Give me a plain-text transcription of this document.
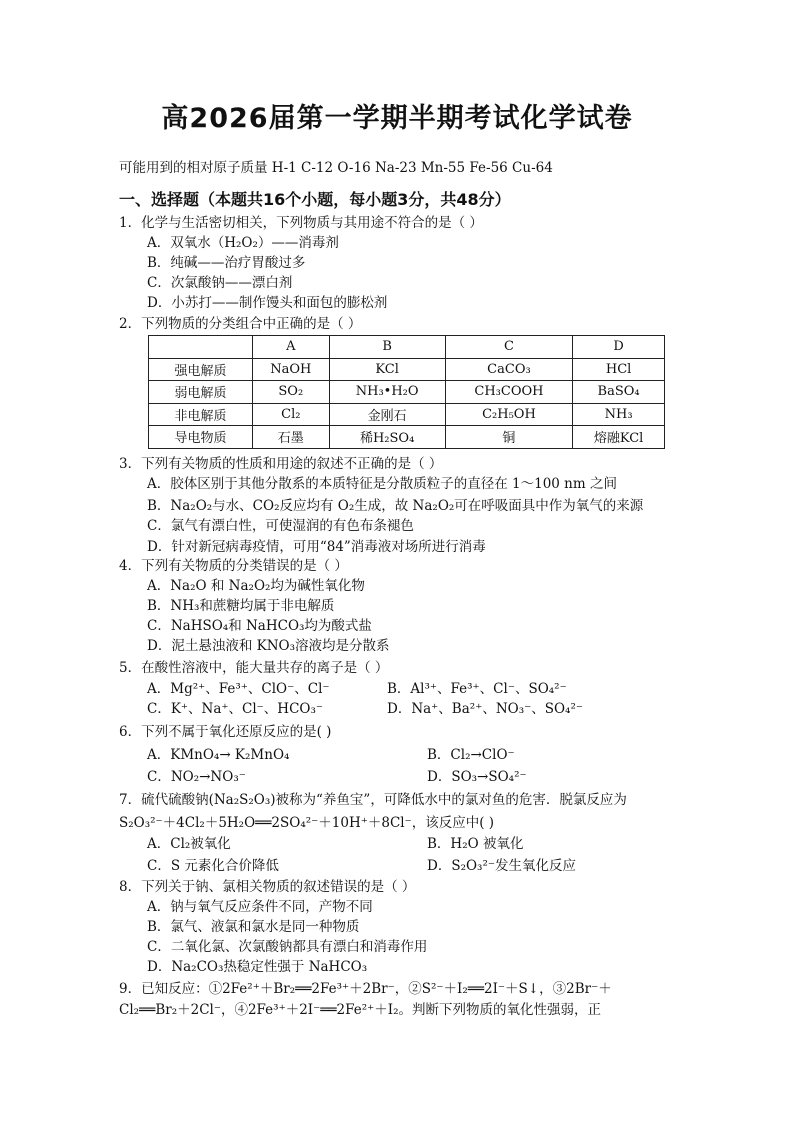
高2026届第一学期半期考试化学试卷
可能用到的相对原子质量 H-1 C-12 O-16 Na-23 Mn-55 Fe-56 Cu-64
一、选择题（本题共16个小题，每小题3分，共48分）
1．化学与生活密切相关，下列物质与其用途不符合的是（ ）
A．双氧水（H₂O₂）——消毒剂
B．纯碱——治疗胃酸过多
C．次氯酸钠——漂白剂
D．小苏打——制作馒头和面包的膨松剂
2．下列物质的分类组合中正确的是（ ）
	A	B	C	D
强电解质	NaOH	KCl	CaCO₃	HCl
弱电解质	SO₂	NH₃•H₂O	CH₃COOH	BaSO₄
非电解质	Cl₂	金刚石	C₂H₅OH	NH₃
导电物质	石墨	稀H₂SO₄	铜	熔融KCl
3．下列有关物质的性质和用途的叙述不正确的是（ ）
A．胶体区别于其他分散系的本质特征是分散质粒子的直径在 1～100 nm 之间
B．Na₂O₂与水、CO₂反应均有 O₂生成，故 Na₂O₂可在呼吸面具中作为氧气的来源
C．氯气有漂白性，可使湿润的有色布条褪色
D．针对新冠病毒疫情，可用“84”消毒液对场所进行消毒
4．下列有关物质的分类错误的是（ ）
A．Na₂O 和 Na₂O₂均为碱性氧化物
B．NH₃和蔗糖均属于非电解质
C．NaHSO₄和 NaHCO₃均为酸式盐
D．泥土悬浊液和 KNO₃溶液均是分散系
5．在酸性溶液中，能大量共存的离子是（ ）
A．Mg²⁺、Fe³⁺、ClO⁻、Cl⁻	B．Al³⁺、Fe³⁺、Cl⁻、SO₄²⁻
C．K⁺、Na⁺、Cl⁻、HCO₃⁻	D．Na⁺、Ba²⁺、NO₃⁻、SO₄²⁻
6．下列不属于氧化还原反应的是( )
A．KMnO₄→ K₂MnO₄	B．Cl₂→ClO⁻
C．NO₂→NO₃⁻	D．SO₃→SO₄²⁻
7．硫代硫酸钠(Na₂S₂O₃)被称为“养鱼宝”，可降低水中的氯对鱼的危害．脱氯反应为
S₂O₃²⁻＋4Cl₂＋5H₂O══2SO₄²⁻＋10H⁺＋8Cl⁻，该反应中( )
A．Cl₂被氧化	B．H₂O 被氧化
C．S 元素化合价降低	D．S₂O₃²⁻发生氧化反应
8．下列关于钠、氯相关物质的叙述错误的是（ ）
A．钠与氧气反应条件不同，产物不同
B．氯气、液氯和氯水是同一种物质
C．二氧化氯、次氯酸钠都具有漂白和消毒作用
D．Na₂CO₃热稳定性强于 NaHCO₃
9．已知反应：①2Fe²⁺＋Br₂══2Fe³⁺＋2Br⁻，②S²⁻＋I₂══2I⁻＋S↓，③2Br⁻＋
Cl₂══Br₂＋2Cl⁻，④2Fe³⁺＋2I⁻══2Fe²⁺＋I₂。判断下列物质的氧化性强弱，正
